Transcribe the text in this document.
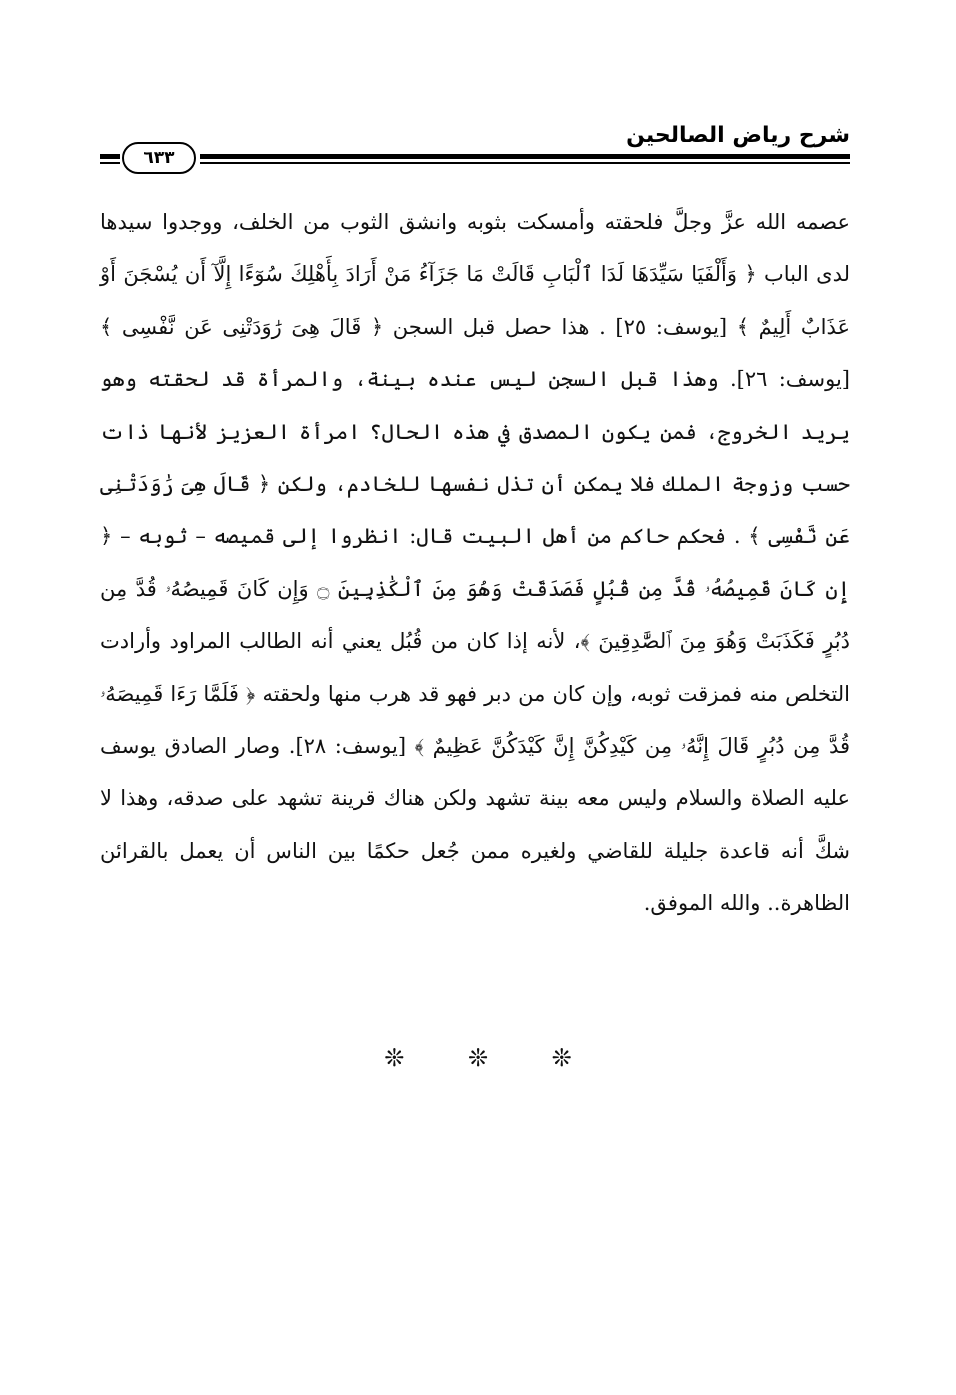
شرح رياض الصالحين
٦٣٣

عصمه الله عزَّ وجلَّ فلحقته وأمسكت بثوبه وانشق الثوب من الخلف، ووجدوا سيدها لدى الباب ﴿ وَأَلْفَيَا سَيِّدَهَا لَدَا ٱلْبَابِ قَالَتْ مَا جَزَآءُ مَنْ أَرَادَ بِأَهْلِكَ سُوٓءًا إِلَّآ أَن يُسْجَنَ أَوْ عَذَابٌ أَلِيمٌ ﴾ [يوسف: ٢٥] . هذا حصل قبل السجن ﴿ قَالَ هِىَ رَٰوَدَتْنِى عَن نَّفْسِى ﴾ [يوسف: ٢٦]. وهذا قبل السجن ليس عنده بينة، والمرأة قد لحقته وهو يريد الخروج، فمن يكون المصدق في هذه الحال؟ امرأة العزيز لأنها ذات حسب وزوجة الملك فلا يمكن أن تذل نفسها للخادم، ولكن ﴿ قَالَ هِىَ رَٰوَدَتْنِى عَن نَّفْسِى ﴾ . فحكم حاكم من أهل البيت قال: انظروا إلى قميصه – ثوبه – ﴿ إِن كَانَ قَمِيصُهُۥ قُدَّ مِن قُبُلٍ فَصَدَقَتْ وَهُوَ مِنَ ٱلْكَٰذِبِينَ ۝ وَإِن كَانَ قَمِيصُهُۥ قُدَّ مِن دُبُرٍ فَكَذَبَتْ وَهُوَ مِنَ ٱلصَّٰدِقِينَ ﴾، لأنه إذا كان من قُبُل يعني أنه الطالب المراود وأرادت التخلص منه فمزقت ثوبه، وإن كان من دبر فهو قد هرب منها ولحقته ﴿ فَلَمَّا رَءَا قَمِيصَهُۥ قُدَّ مِن دُبُرٍ قَالَ إِنَّهُۥ مِن كَيْدِكُنَّ إِنَّ كَيْدَكُنَّ عَظِيمٌ ﴾ [يوسف: ٢٨]. وصار الصادق يوسف عليه الصلاة والسلام وليس معه بينة تشهد ولكن هناك قرينة تشهد على صدقه، وهذا لا شكَّ أنه قاعدة جليلة للقاضي ولغيره ممن جُعل حكمًا بين الناس أن يعمل بالقرائن الظاهرة.. والله الموفق.

❊ ❊ ❊
